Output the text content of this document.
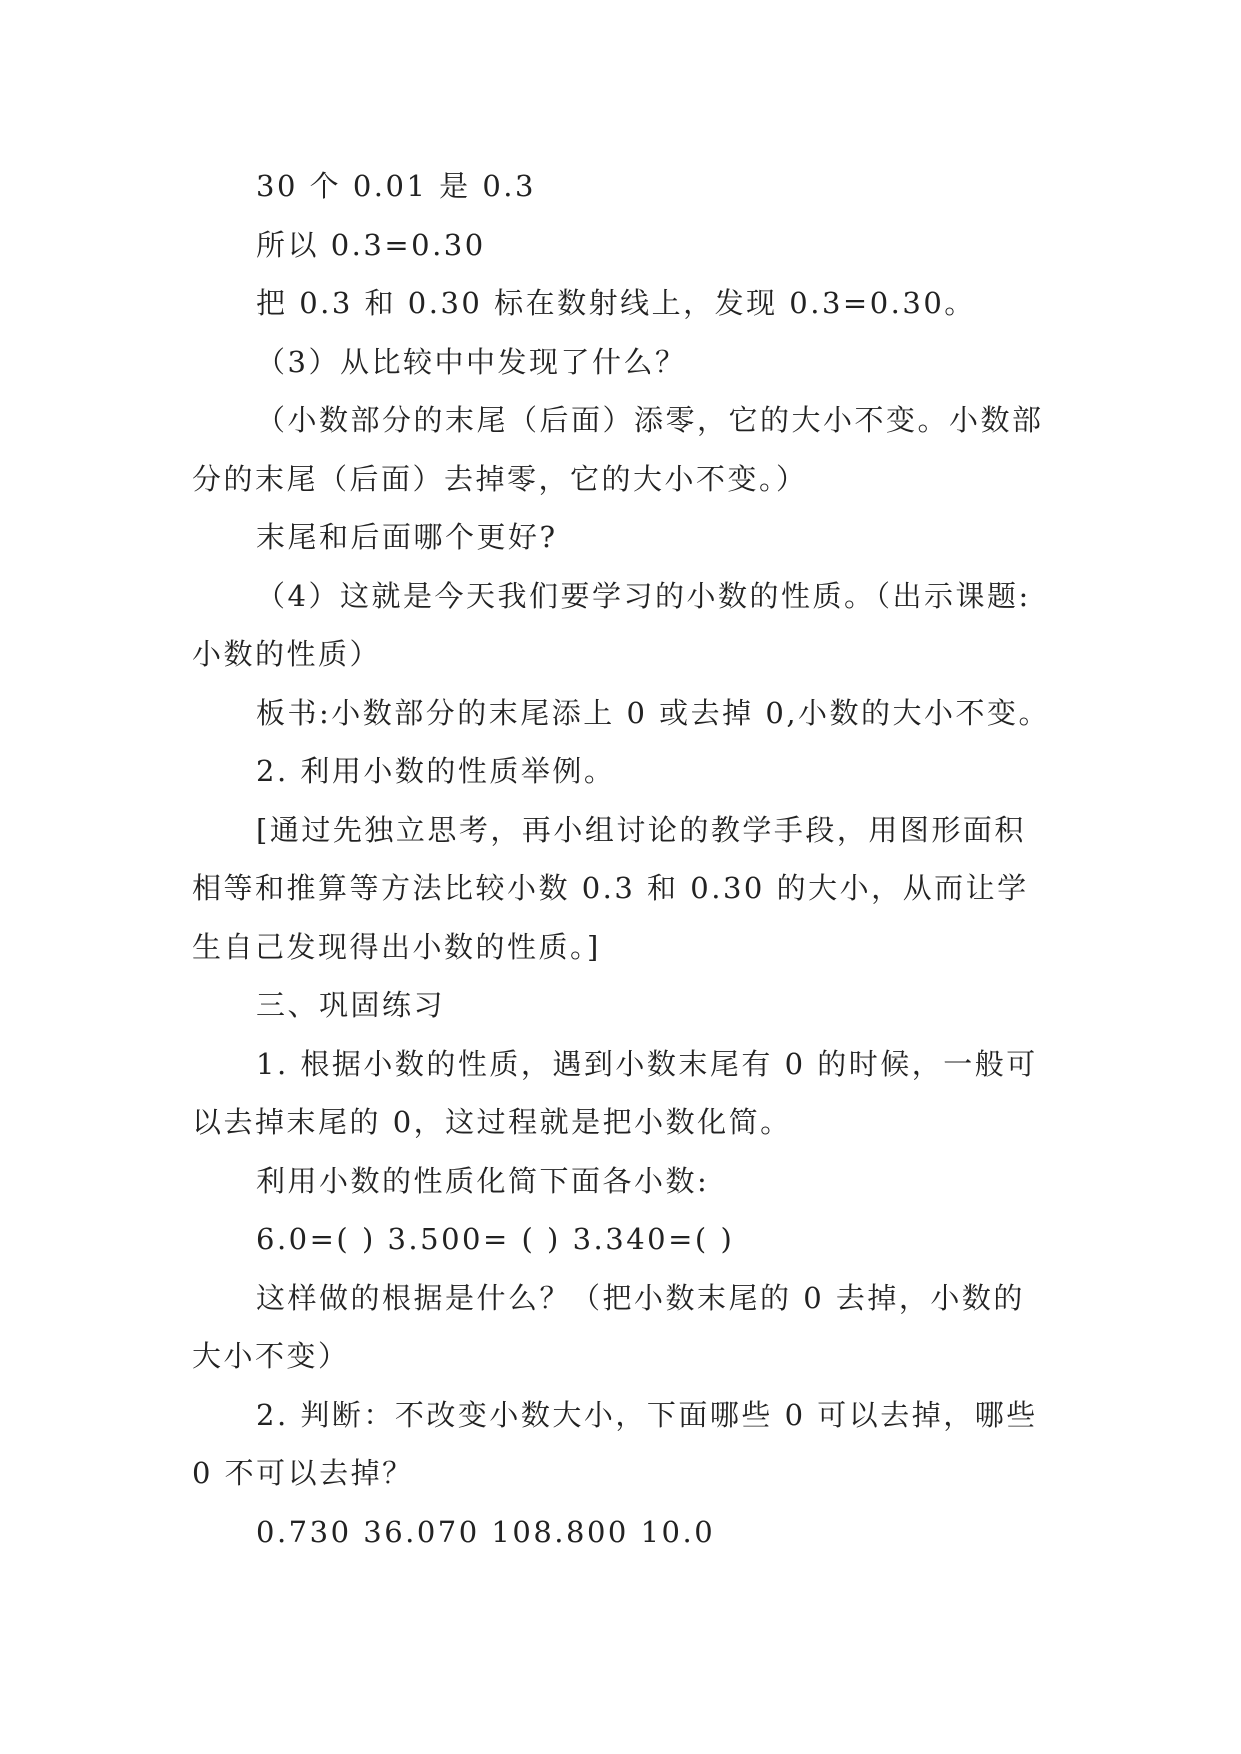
30 个 0.01 是 0.3

所以 0.3=0.30

把 0.3 和 0.30 标在数射线上，发现 0.3=0.30。

（3）从比较中中发现了什么？

（小数部分的末尾（后面）添零，它的大小不变。小数部分的末尾（后面）去掉零，它的大小不变。）

末尾和后面哪个更好?

（4）这就是今天我们要学习的小数的性质。（出示课题:小数的性质）

板书:小数部分的末尾添上 0 或去掉 0,小数的大小不变。

2. 利用小数的性质举例。

[通过先独立思考，再小组讨论的教学手段，用图形面积相等和推算等方法比较小数 0.3 和 0.30 的大小，从而让学生自己发现得出小数的性质。]

三、巩固练习

1. 根据小数的性质，遇到小数末尾有 0 的时候，一般可以去掉末尾的 0，这过程就是把小数化简。

利用小数的性质化简下面各小数:

6.0=( ) 3.500= ( ) 3.340=( )

这样做的根据是什么？（把小数末尾的 0 去掉，小数的大小不变）

2. 判断：不改变小数大小，下面哪些 0 可以去掉，哪些 0 不可以去掉？

0.730 36.070 108.800 10.0
